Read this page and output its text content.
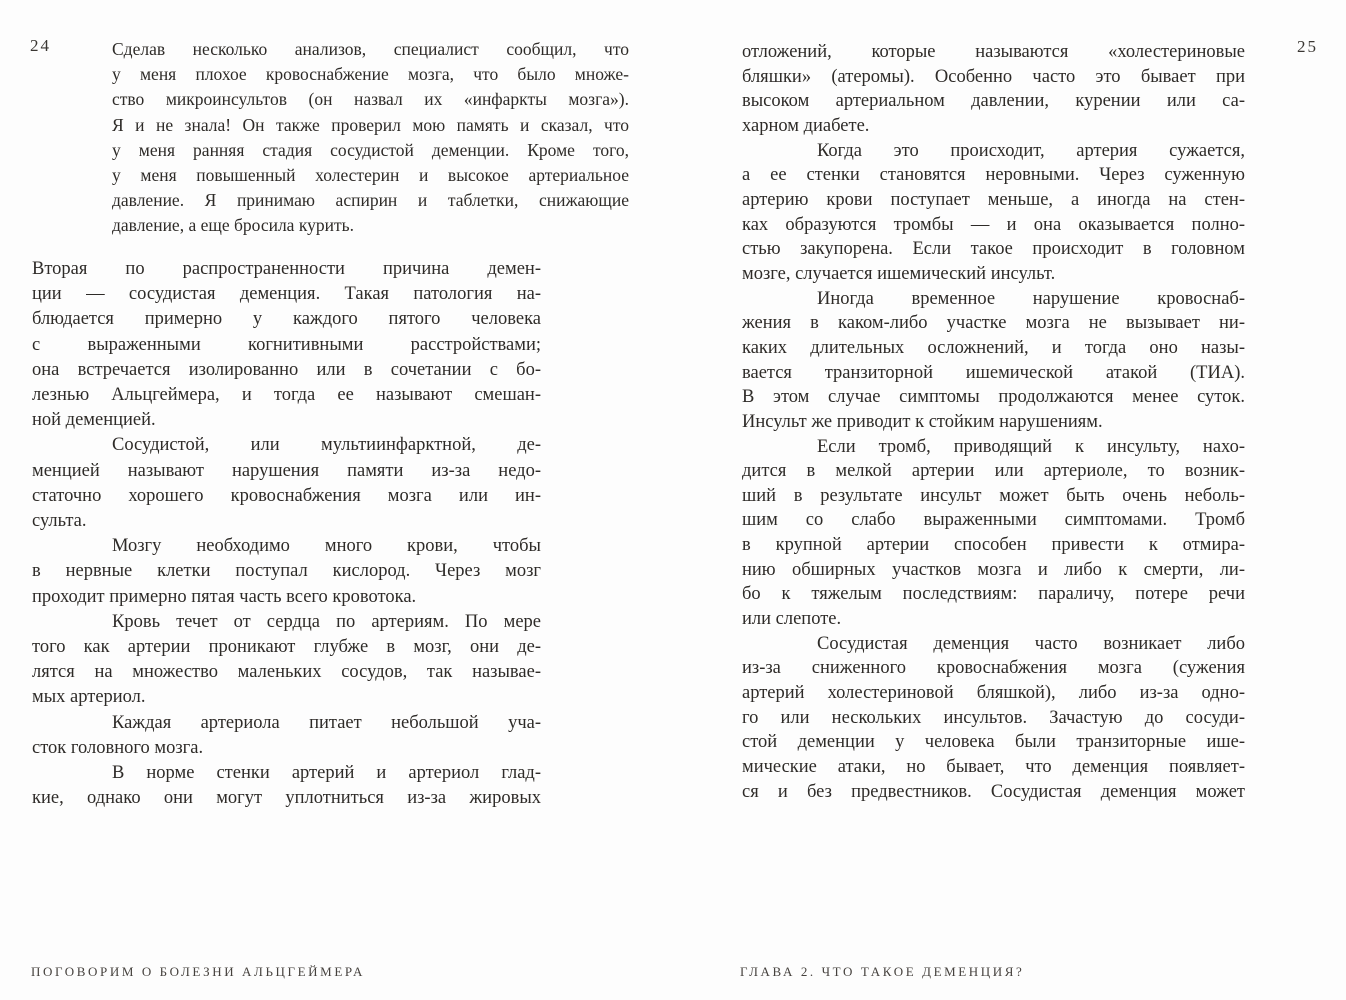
24	Сделав несколько анализов, специалист сообщил, что
у меня плохое кровоснабжение мозга, что было множе-
ство микроинсультов (он назвал их «инфаркты мозга»).
Я и не знала! Он также проверил мою память и сказал, что
у меня ранняя стадия сосудистой деменции. Кроме того,
у меня повышенный холестерин и высокое артериальное
давление. Я принимаю аспирин и таблетки, снижающие
давление, а еще бросила курить.
Вторая по распространенности причина демен-
ции — сосудистая деменция. Такая патология на-
блюдается примерно у каждого пятого человека
с выраженными когнитивными расстройствами;
она встречается изолированно или в сочетании с бо-
лезнью Альцгеймера, и тогда ее называют смешан-
ной деменцией.
Сосудистой, или мультиинфарктной, де-
менцией называют нарушения памяти из-за недо-
статочно хорошего кровоснабжения мозга или ин-
сульта.
Мозгу необходимо много крови, чтобы
в нервные клетки поступал кислород. Через мозг
проходит примерно пятая часть всего кровотока.
Кровь течет от сердца по артериям. По мере
того как артерии проникают глубже в мозг, они де-
лятся на множество маленьких сосудов, так называе-
мых артериол.
Каждая артериола питает небольшой уча-
сток головного мозга.
В норме стенки артерий и артериол глад-
кие, однако они могут уплотниться из-за жировых
ПОГОВОРИМ О БОЛЕЗНИ АЛЬЦГЕЙМЕРА
25
отложений, которые называются «холестериновые
бляшки» (атеромы). Особенно часто это бывает при
высоком артериальном давлении, курении или са-
харном диабете.
Когда это происходит, артерия сужается,
а ее стенки становятся неровными. Через суженную
артерию крови поступает меньше, а иногда на стен-
ках образуются тромбы — и она оказывается полно-
стью закупорена. Если такое происходит в головном
мозге, случается ишемический инсульт.
Иногда временное нарушение кровоснаб-
жения в каком-либо участке мозга не вызывает ни-
каких длительных осложнений, и тогда оно назы-
вается транзиторной ишемической атакой (ТИА).
В этом случае симптомы продолжаются менее суток.
Инсульт же приводит к стойким нарушениям.
Если тромб, приводящий к инсульту, нахо-
дится в мелкой артерии или артериоле, то возник-
ший в результате инсульт может быть очень неболь-
шим со слабо выраженными симптомами. Тромб
в крупной артерии способен привести к отмира-
нию обширных участков мозга и либо к смерти, ли-
бо к тяжелым последствиям: параличу, потере речи
или слепоте.
Сосудистая деменция часто возникает либо
из-за сниженного кровоснабжения мозга (сужения
артерий холестериновой бляшкой), либо из-за одно-
го или нескольких инсультов. Зачастую до сосуди-
стой деменции у человека были транзиторные ише-
мические атаки, но бывает, что деменция появляет-
ся и без предвестников. Сосудистая деменция может
ГЛАВА 2. ЧТО ТАКОЕ ДЕМЕНЦИЯ?
